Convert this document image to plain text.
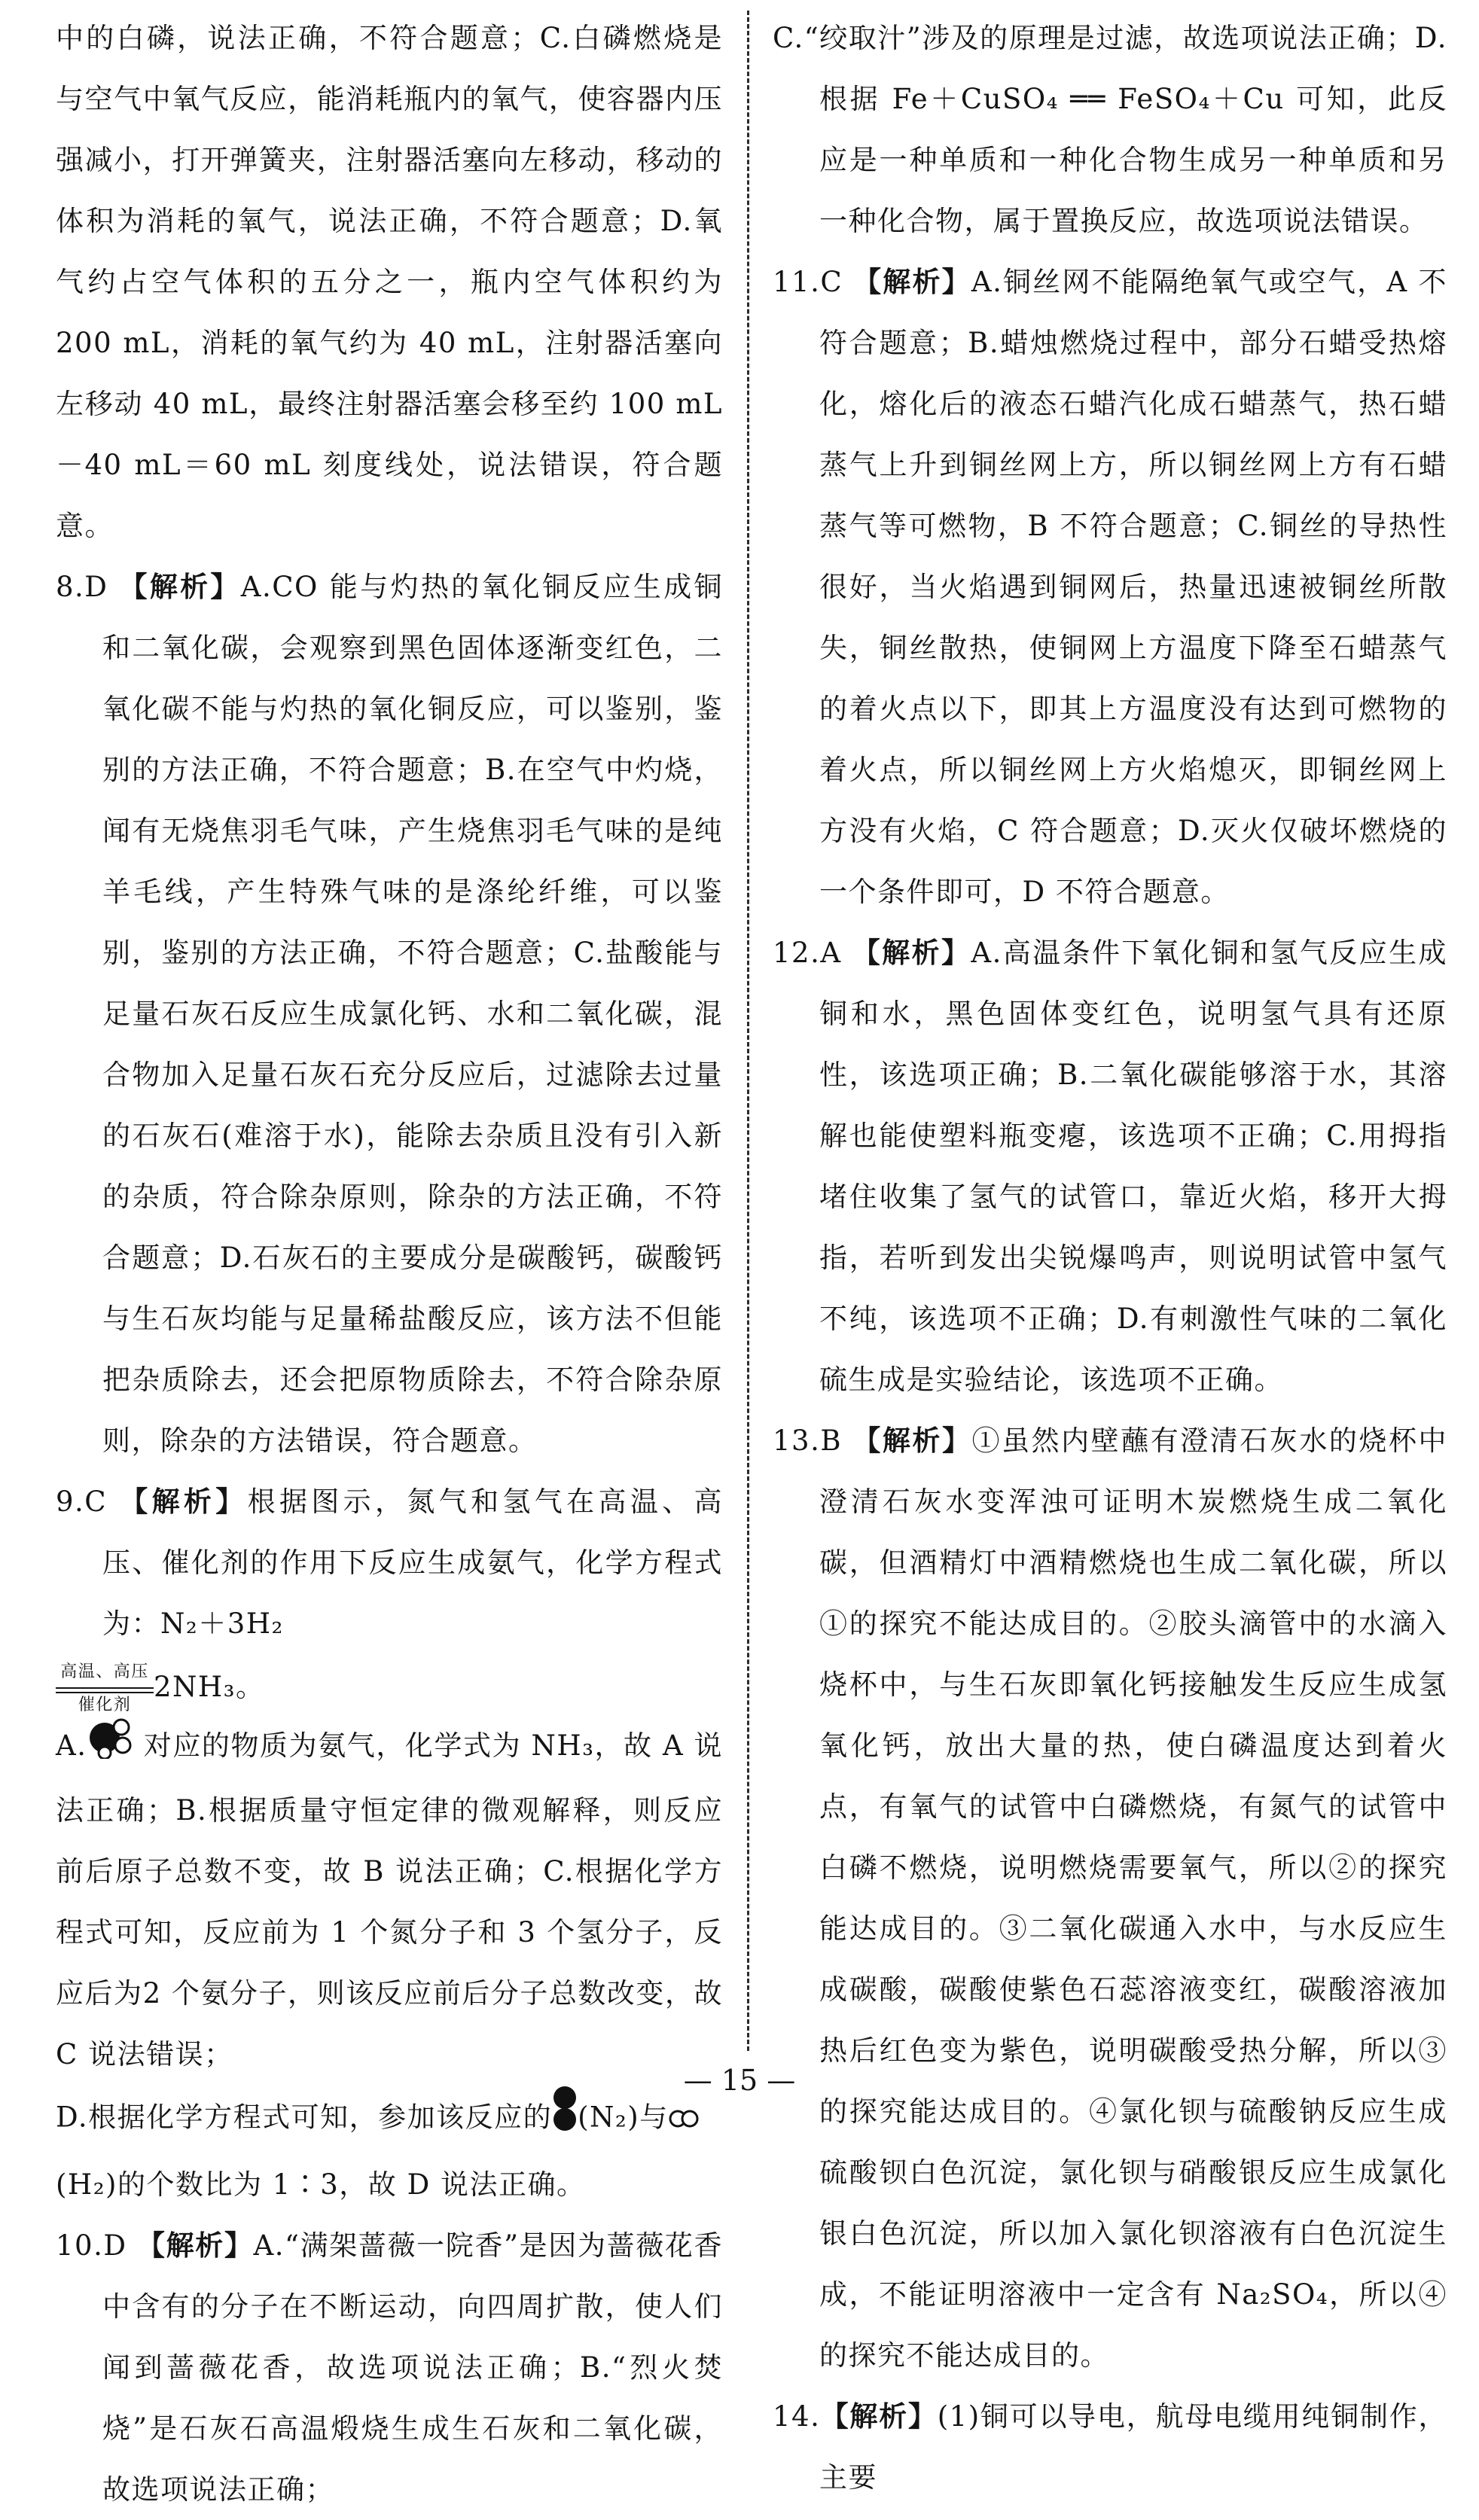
中的白磷，说法正确，不符合题意；C.白磷燃烧是与空气中氧气反应，能消耗瓶内的氧气，使容器内压强减小，打开弹簧夹，注射器活塞向左移动，移动的体积为消耗的氧气，说法正确，不符合题意；D.氧气约占空气体积的五分之一，瓶内空气体积约为 200 mL，消耗的氧气约为 40 mL，注射器活塞向左移动 40 mL，最终注射器活塞会移至约 100 mL－40 mL＝60 mL 刻度线处，说法错误，符合题意。

8.D 【解析】A.CO 能与灼热的氧化铜反应生成铜和二氧化碳，会观察到黑色固体逐渐变红色，二氧化碳不能与灼热的氧化铜反应，可以鉴别，鉴别的方法正确，不符合题意；B.在空气中灼烧，闻有无烧焦羽毛气味，产生烧焦羽毛气味的是纯羊毛线，产生特殊气味的是涤纶纤维，可以鉴别，鉴别的方法正确，不符合题意；C.盐酸能与足量石灰石反应生成氯化钙、水和二氧化碳，混合物加入足量石灰石充分反应后，过滤除去过量的石灰石(难溶于水)，能除去杂质且没有引入新的杂质，符合除杂原则，除杂的方法正确，不符合题意；D.石灰石的主要成分是碳酸钙，碳酸钙与生石灰均能与足量稀盐酸反应，该方法不但能把杂质除去，还会把原物质除去，不符合除杂原则，除杂的方法错误，符合题意。

9.C 【解析】根据图示，氮气和氢气在高温、高压、催化剂的作用下反应生成氨气，化学方程式为：N₂＋3H₂

高温、高压
催化剂
2NH₃。

A. 对应的物质为氨气，化学式为 NH₃，故 A 说法正确；B.根据质量守恒定律的微观解释，则反应前后原子总数不变，故 B 说法正确；C.根据化学方程式可知，反应前为 1 个氮分子和 3 个氢分子，反应后为2 个氨分子，则该反应前后分子总数改变，故 C 说法错误；

D.根据化学方程式可知，参加该反应的 (N₂)与
(H₂)的个数比为 1∶3，故 D 说法正确。

10.D 【解析】A.“满架蔷薇一院香”是因为蔷薇花香中含有的分子在不断运动，向四周扩散，使人们闻到蔷薇花香，故选项说法正确；B.“烈火焚烧”是石灰石高温煅烧生成生石灰和二氧化碳，故选项说法正确；

C.“绞取汁”涉及的原理是过滤，故选项说法正确；D.根据 Fe＋CuSO₄ ══ FeSO₄＋Cu 可知，此反应是一种单质和一种化合物生成另一种单质和另一种化合物，属于置换反应，故选项说法错误。

11.C 【解析】A.铜丝网不能隔绝氧气或空气，A 不符合题意；B.蜡烛燃烧过程中，部分石蜡受热熔化，熔化后的液态石蜡汽化成石蜡蒸气，热石蜡蒸气上升到铜丝网上方，所以铜丝网上方有石蜡蒸气等可燃物，B 不符合题意；C.铜丝的导热性很好，当火焰遇到铜网后，热量迅速被铜丝所散失，铜丝散热，使铜网上方温度下降至石蜡蒸气的着火点以下，即其上方温度没有达到可燃物的着火点，所以铜丝网上方火焰熄灭，即铜丝网上方没有火焰，C 符合题意；D.灭火仅破坏燃烧的一个条件即可，D 不符合题意。

12.A 【解析】A.高温条件下氧化铜和氢气反应生成铜和水，黑色固体变红色，说明氢气具有还原性，该选项正确；B.二氧化碳能够溶于水，其溶解也能使塑料瓶变瘪，该选项不正确；C.用拇指堵住收集了氢气的试管口，靠近火焰，移开大拇指，若听到发出尖锐爆鸣声，则说明试管中氢气不纯，该选项不正确；D.有刺激性气味的二氧化硫生成是实验结论，该选项不正确。

13.B 【解析】①虽然内壁蘸有澄清石灰水的烧杯中澄清石灰水变浑浊可证明木炭燃烧生成二氧化碳，但酒精灯中酒精燃烧也生成二氧化碳，所以①的探究不能达成目的。②胶头滴管中的水滴入烧杯中，与生石灰即氧化钙接触发生反应生成氢氧化钙，放出大量的热，使白磷温度达到着火点，有氧气的试管中白磷燃烧，有氮气的试管中白磷不燃烧，说明燃烧需要氧气，所以②的探究能达成目的。③二氧化碳通入水中，与水反应生成碳酸，碳酸使紫色石蕊溶液变红，碳酸溶液加热后红色变为紫色，说明碳酸受热分解，所以③的探究能达成目的。④氯化钡与硫酸钠反应生成硫酸钡白色沉淀，氯化钡与硝酸银反应生成氯化银白色沉淀，所以加入氯化钡溶液有白色沉淀生成，不能证明溶液中一定含有 Na₂SO₄，所以④的探究不能达成目的。

14.【解析】(1)铜可以导电，航母电缆用纯铜制作，主要

— 15 —
